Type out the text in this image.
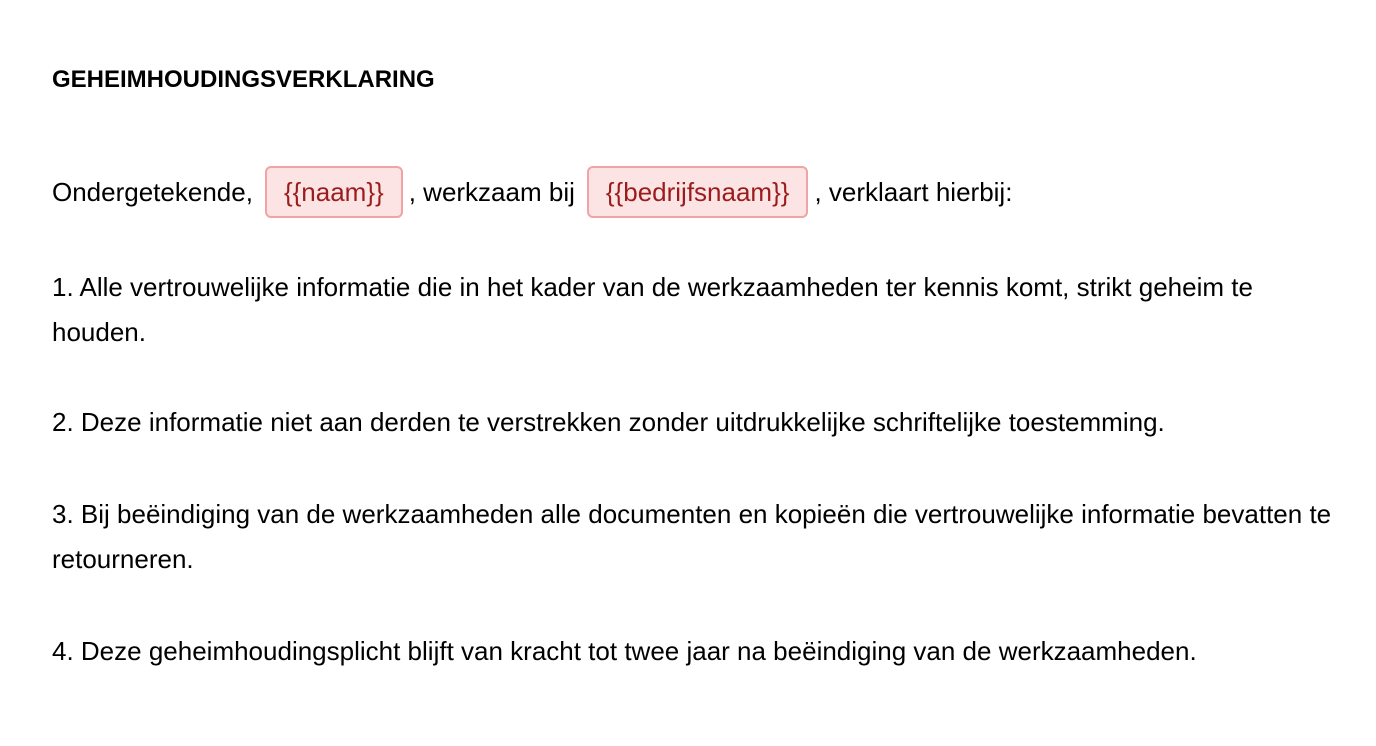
GEHEIMHOUDINGSVERKLARING

Ondergetekende,	{{naam}} , werkzaam bij	{{bedrijfsnaam}} , verklaart hierbij:

1. Alle vertrouwelijke informatie die in het kader van de werkzaamheden ter kennis komt, strikt geheim te houden.

2. Deze informatie niet aan derden te verstrekken zonder uitdrukkelijke schriftelijke toestemming.

3. Bij beëindiging van de werkzaamheden alle documenten en kopieën die vertrouwelijke informatie bevatten te retourneren.

4. Deze geheimhoudingsplicht blijft van kracht tot twee jaar na beëindiging van de werkzaamheden.
